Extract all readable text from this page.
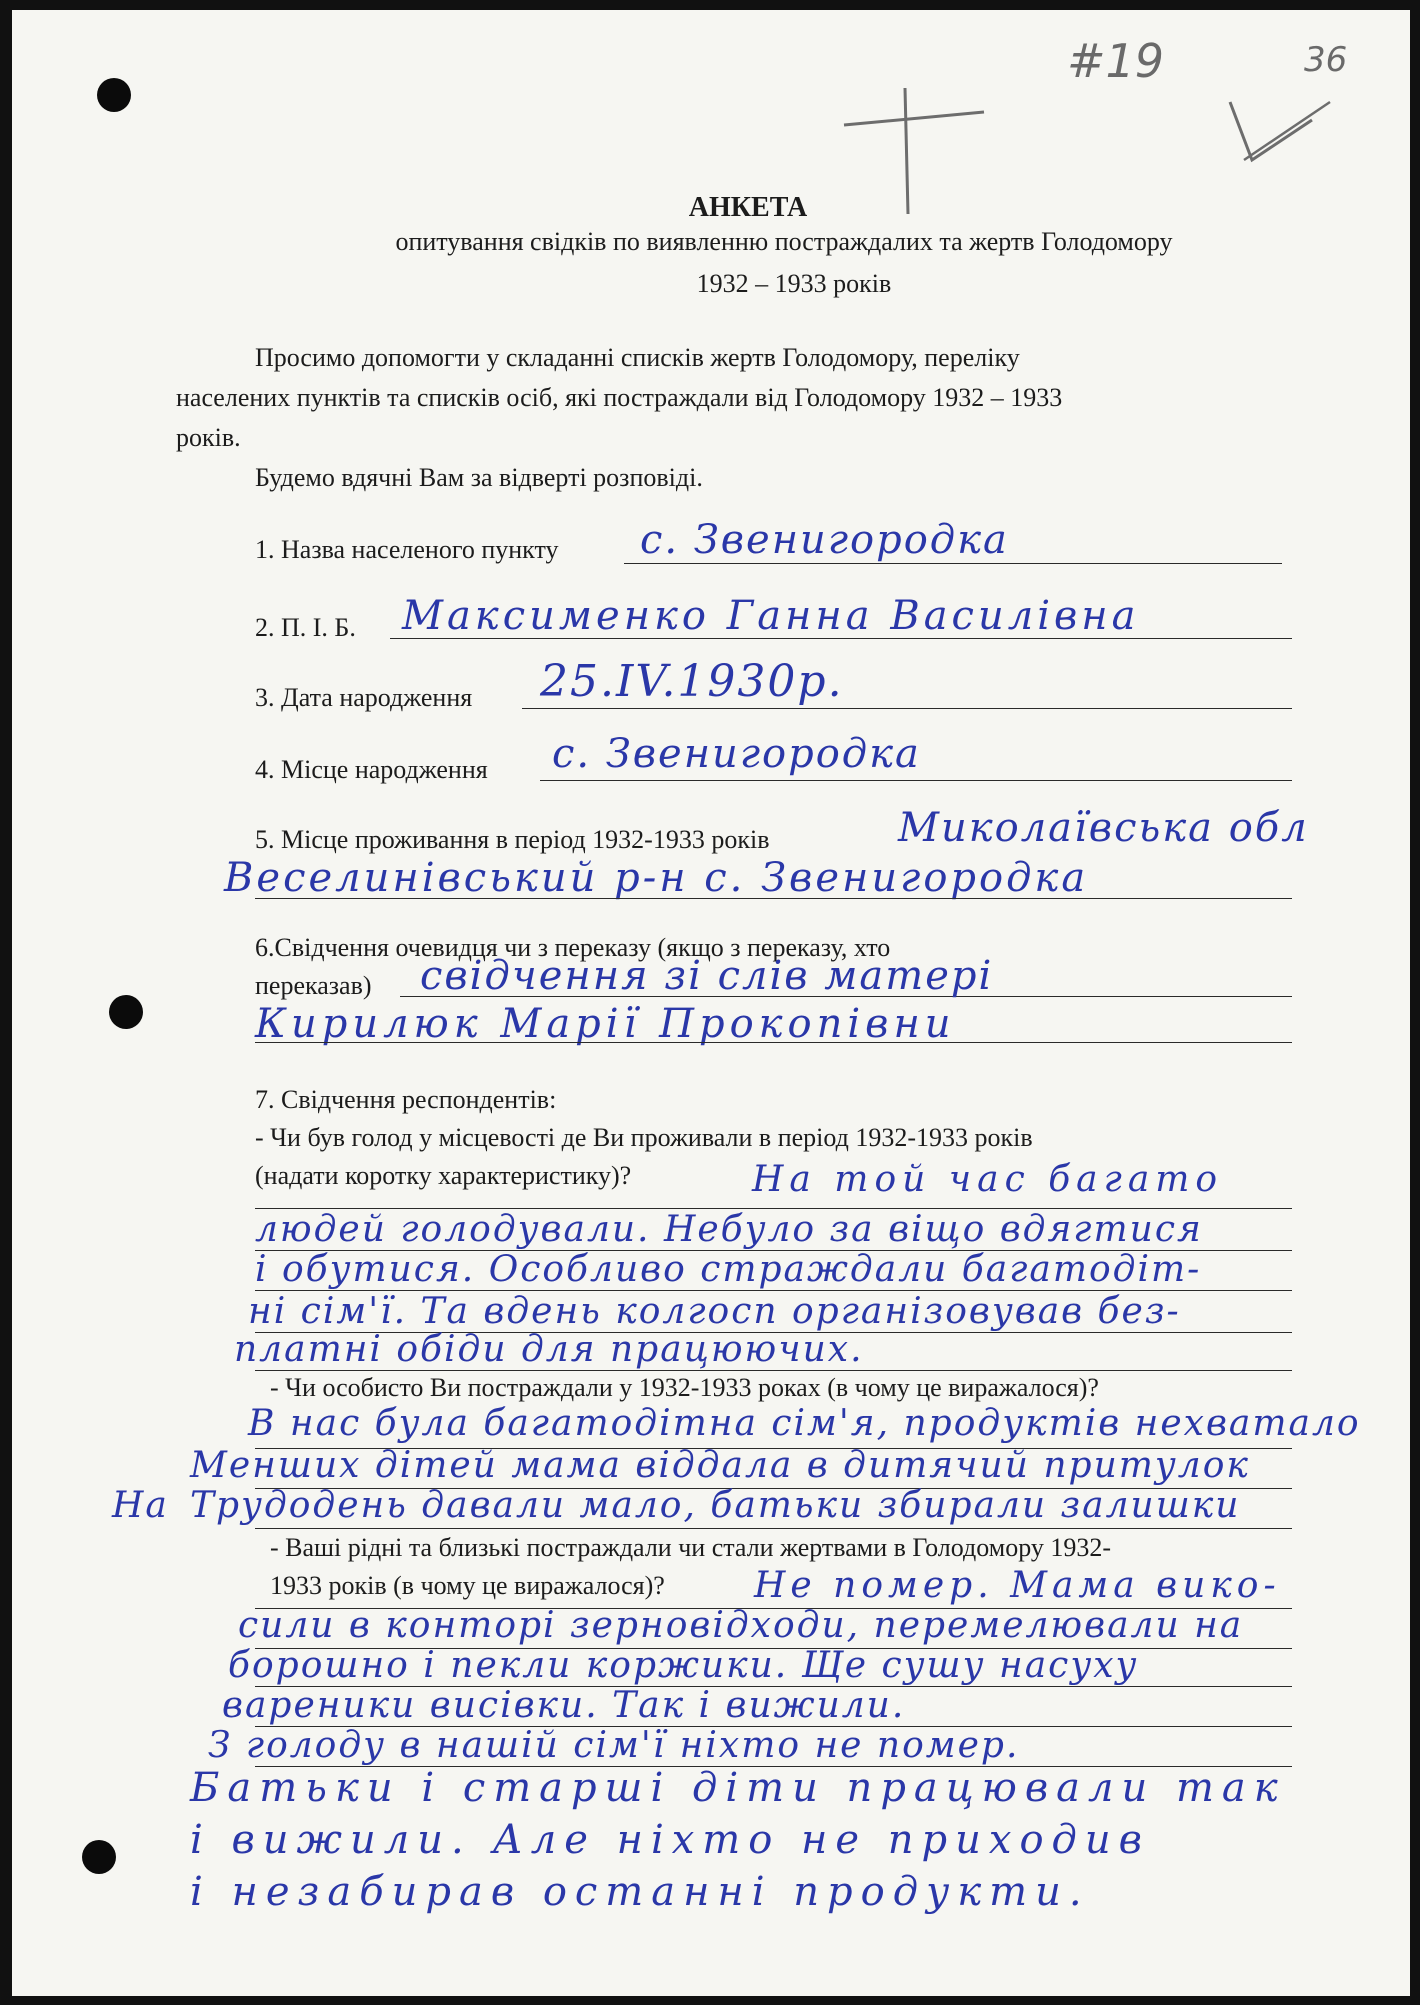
#19	36
АНКЕТА
опитування свідків по виявленню постраждалих та жертв Голодомору
1932 – 1933 років
Просимо допомогти у складанні списків жертв Голодомору, переліку
населених пунктів та списків осіб, які постраждали від Голодомору 1932 – 1933
років.
Будемо вдячні Вам за відверті розповіді.
1. Назва населеного пункту с. Звенигородка
2. П. І. Б. Максименко Ганна Василівна
3. Дата народження 25.IV.1930р.
4. Місце народження с. Звенигородка
5. Місце проживання в період 1932-1933 років	Миколаївська обл
Веселинівський р-н с. Звенигородка
6.Свідчення очевидця чи з переказу (якщо з переказу, хто
переказав) свідчення зі слів матері
Кирилюк Марії Прокопівни
7. Свідчення респондентів:
- Чи був голод у місцевості де Ви проживали в період 1932-1933 років
(надати коротку характеристику)?	На той час багато
людей голодували. Небуло за віщо вдягтися
і обутися. Особливо страждали багатодіт-
ні сім'ї. Та вдень колгосп організовував без-
платні обіди для працюючих.
- Чи особисто Ви постраждали у 1932-1933 роках (в чому це виражалося)?
В нас була багатодітна сім'я, продуктів нехватало
Менших дітей мама віддала в дитячий притулок
На Трудодень давали мало, батьки збирали залишки
- Ваші рідні та близькі постраждали чи стали жертвами в Голодомору 1932-
1933 років (в чому це виражалося)? Не помер. Мама вико-
сили в конторі зерновідходи, перемелювали на
борошно і пекли коржики. Ще сушу насуху
вареники висівки. Так і вижили.
З голоду в нашій сім'ї ніхто не помер.
Батьки і старші діти працювали так
і вижили. Але ніхто не приходив
і незабирав останні продукти.
